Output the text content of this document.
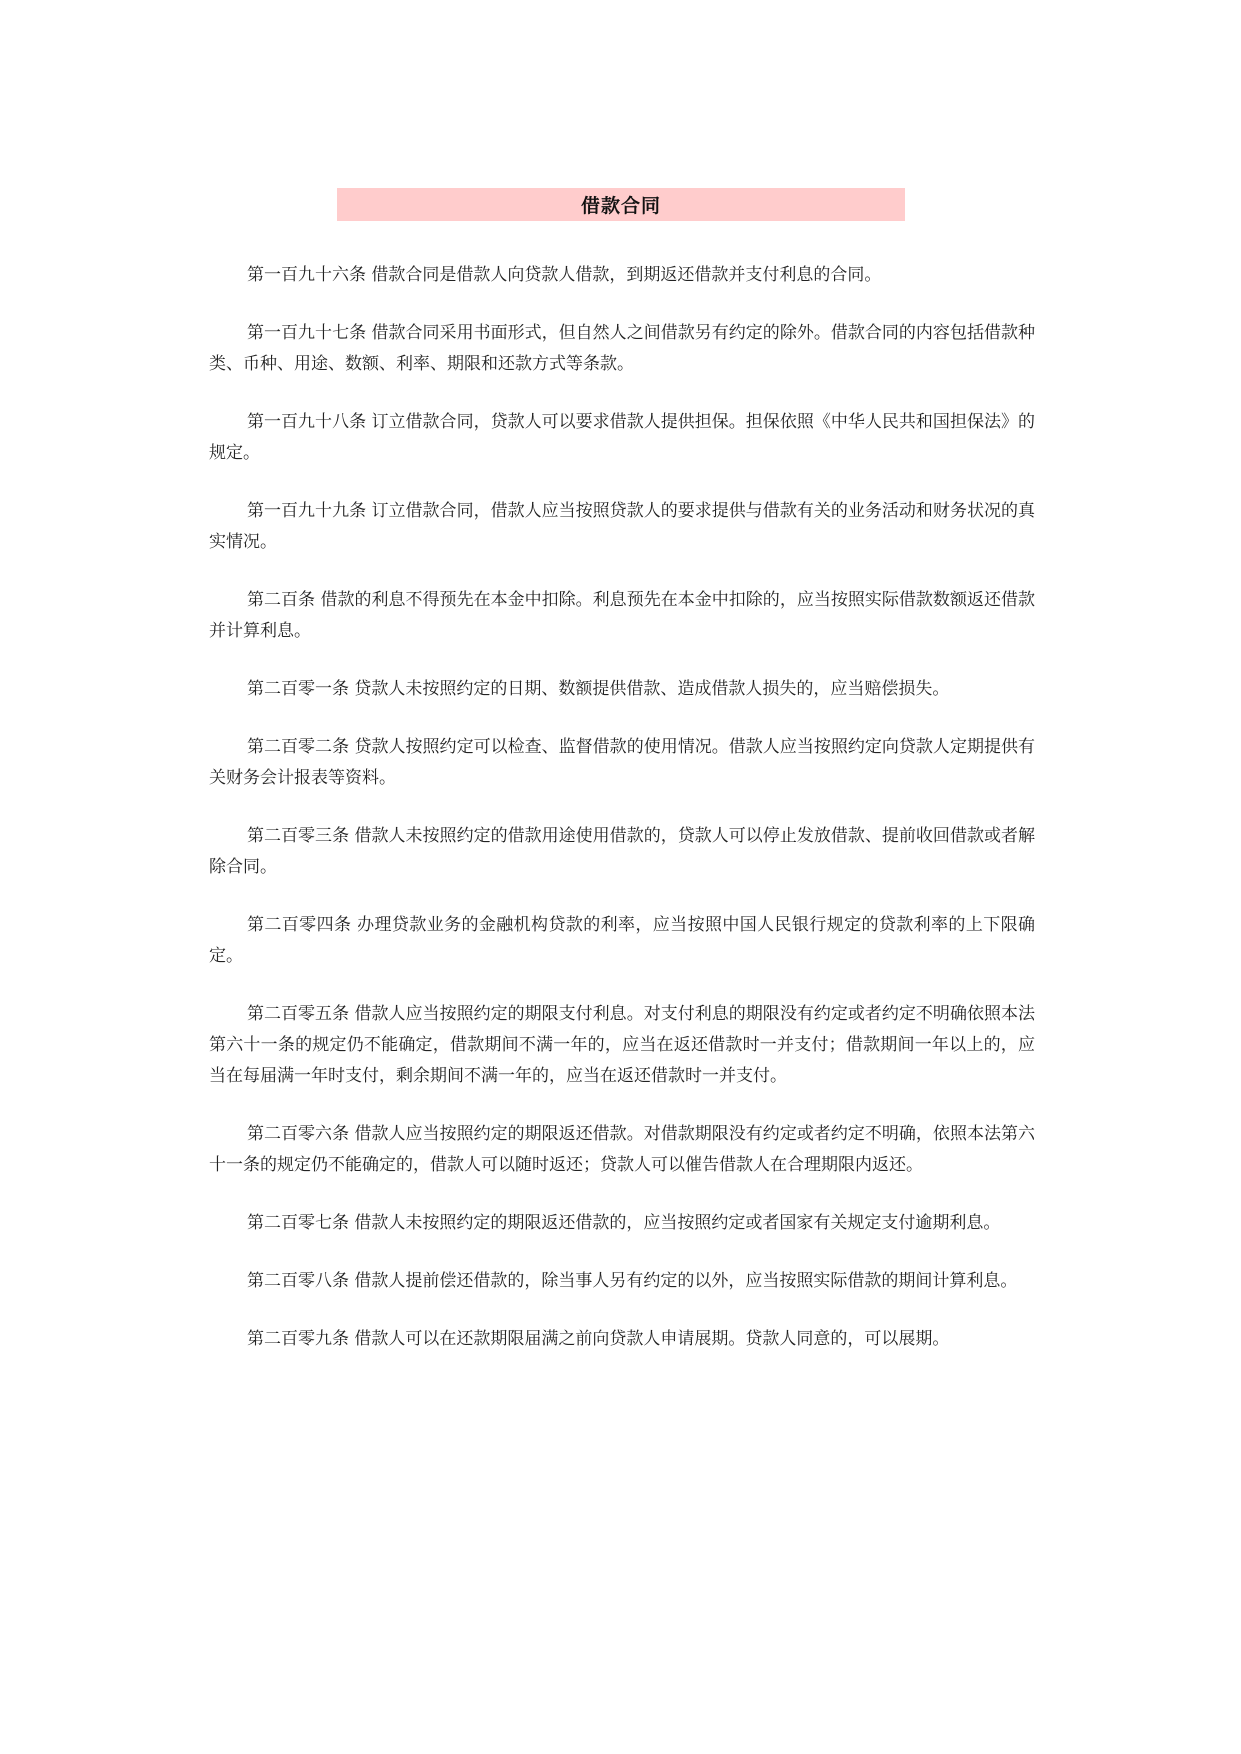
借款合同

第一百九十六条 借款合同是借款人向贷款人借款，到期返还借款并支付利息的合同。

第一百九十七条 借款合同采用书面形式，但自然人之间借款另有约定的除外。借款合同的内容包括借款种类、币种、用途、数额、利率、期限和还款方式等条款。

第一百九十八条 订立借款合同，贷款人可以要求借款人提供担保。担保依照《中华人民共和国担保法》的规定。

第一百九十九条 订立借款合同，借款人应当按照贷款人的要求提供与借款有关的业务活动和财务状况的真实情况。

第二百条 借款的利息不得预先在本金中扣除。利息预先在本金中扣除的，应当按照实际借款数额返还借款并计算利息。

第二百零一条 贷款人未按照约定的日期、数额提供借款、造成借款人损失的，应当赔偿损失。

第二百零二条 贷款人按照约定可以检查、监督借款的使用情况。借款人应当按照约定向贷款人定期提供有关财务会计报表等资料。

第二百零三条 借款人未按照约定的借款用途使用借款的，贷款人可以停止发放借款、提前收回借款或者解除合同。

第二百零四条 办理贷款业务的金融机构贷款的利率，应当按照中国人民银行规定的贷款利率的上下限确定。

第二百零五条 借款人应当按照约定的期限支付利息。对支付利息的期限没有约定或者约定不明确依照本法第六十一条的规定仍不能确定，借款期间不满一年的，应当在返还借款时一并支付；借款期间一年以上的，应当在每届满一年时支付，剩余期间不满一年的，应当在返还借款时一并支付。

第二百零六条 借款人应当按照约定的期限返还借款。对借款期限没有约定或者约定不明确，依照本法第六十一条的规定仍不能确定的，借款人可以随时返还；贷款人可以催告借款人在合理期限内返还。

第二百零七条 借款人未按照约定的期限返还借款的，应当按照约定或者国家有关规定支付逾期利息。

第二百零八条 借款人提前偿还借款的，除当事人另有约定的以外，应当按照实际借款的期间计算利息。

第二百零九条 借款人可以在还款期限届满之前向贷款人申请展期。贷款人同意的，可以展期。
